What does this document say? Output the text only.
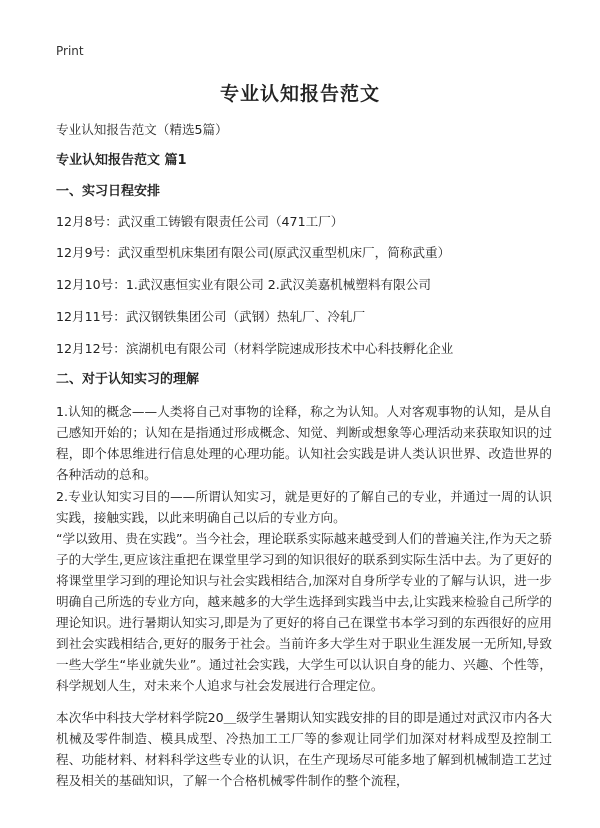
Print
专业认知报告范文

专业认知报告范文（精选5篇）

专业认知报告范文 篇1

一、实习日程安排

12月8号：武汉重工铸锻有限责任公司（471工厂）

12月9号：武汉重型机床集团有限公司(原武汉重型机床厂，简称武重）

12月10号：1.武汉惠恒实业有限公司 2.武汉美嘉机械塑料有限公司

12月11号：武汉钢铁集团公司（武钢）热轧厂、冷轧厂

12月12号：滨湖机电有限公司（材料学院速成形技术中心科技孵化企业

二、对于认知实习的理解

1.认知的概念——人类将自己对事物的诠释，称之为认知。人对客观事物的认知，是从自己感知开始的；认知在是指通过形成概念、知觉、判断或想象等心理活动来获取知识的过程，即个体思维进行信息处理的心理功能。认知社会实践是讲人类认识世界、改造世界的各种活动的总和。

2.专业认知实习目的——所谓认知实习，就是更好的了解自己的专业，并通过一周的认识实践，接触实践，以此来明确自己以后的专业方向。

“学以致用、贵在实践”。当今社会，理论联系实际越来越受到人们的普遍关注,作为天之骄子的大学生,更应该注重把在课堂里学习到的知识很好的联系到实际生活中去。为了更好的将课堂里学习到的理论知识与社会实践相结合,加深对自身所学专业的了解与认识，进一步明确自己所选的专业方向，越来越多的大学生选择到实践当中去,让实践来检验自己所学的理论知识。进行暑期认知实习,即是为了更好的将自己在课堂书本学习到的东西很好的应用到社会实践相结合,更好的服务于社会。当前许多大学生对于职业生涯发展一无所知,导致一些大学生“毕业就失业”。通过社会实践，大学生可以认识自身的能力、兴趣、个性等，科学规划人生，对未来个人追求与社会发展进行合理定位。

本次华中科技大学材料学院20＿级学生暑期认知实践安排的目的即是通过对武汉市内各大机械及零件制造、模具成型、冷热加工工厂等的参观让同学们加深对材料成型及控制工程、功能材料、材料科学这些专业的认识，在生产现场尽可能多地了解到机械制造工艺过程及相关的基础知识，了解一个合格机械零件制作的整个流程，
